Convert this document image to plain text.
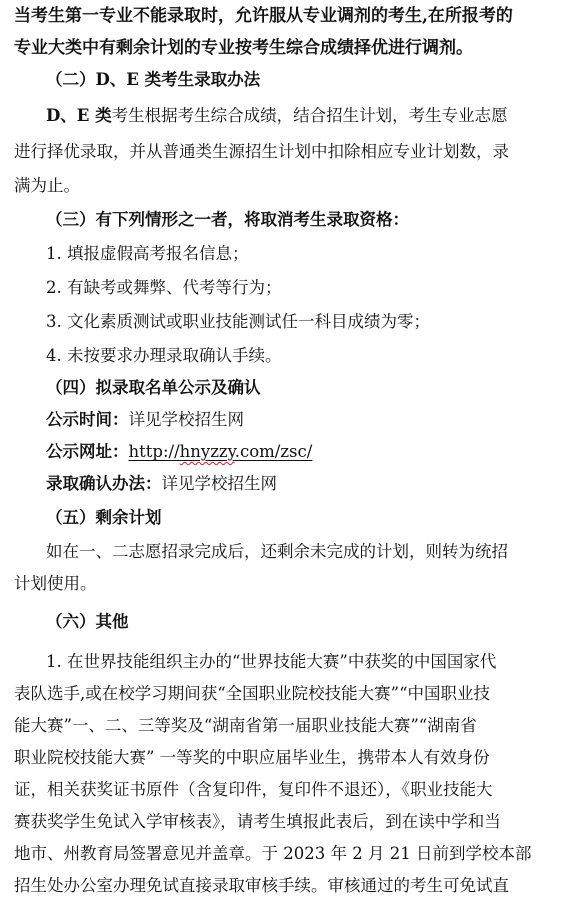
当考生第一专业不能录取时，允许服从专业调剂的考生,在所报考的
专业大类中有剩余计划的专业按考生综合成绩择优进行调剂。
（二）D、E 类考生录取办法
D、E 类考生根据考生综合成绩，结合招生计划，考生专业志愿
进行择优录取，并从普通类生源招生计划中扣除相应专业计划数，录
满为止。
（三）有下列情形之一者，将取消考生录取资格：
1. 填报虚假高考报名信息；
2. 有缺考或舞弊、代考等行为；
3. 文化素质测试或职业技能测试任一科目成绩为零；
4. 未按要求办理录取确认手续。
（四）拟录取名单公示及确认
公示时间：详见学校招生网
公示网址：http://hnyzzy.com/zsc/
录取确认办法：详见学校招生网
（五）剩余计划
如在一、二志愿招录完成后，还剩余未完成的计划，则转为统招
计划使用。
（六）其他
1. 在世界技能组织主办的“世界技能大赛”中获奖的中国国家代
表队选手,或在校学习期间获“全国职业院校技能大赛”“中国职业技
能大赛”一、二、三等奖及“湖南省第一届职业技能大赛”“湖南省
职业院校技能大赛” 一等奖的中职应届毕业生，携带本人有效身份
证，相关获奖证书原件（含复印件，复印件不退还），《职业技能大
赛获奖学生免试入学审核表》，请考生填报此表后，到在读中学和当
地市、州教育局签署意见并盖章。于 2023 年 2 月 21 日前到学校本部
招生处办公室办理免试直接录取审核手续。审核通过的考生可免试直
